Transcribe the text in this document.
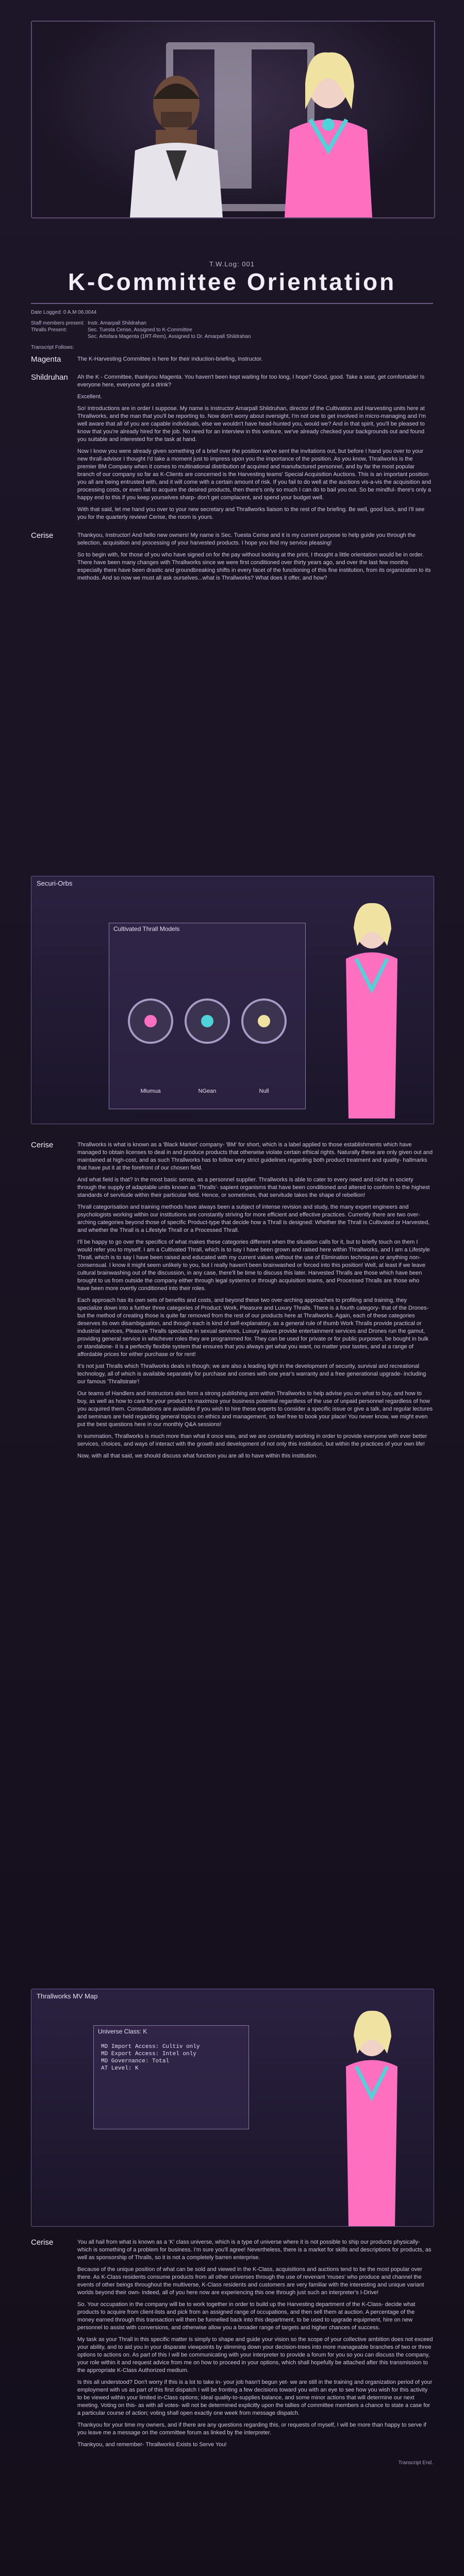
T.W.Log: 001
K-Committee Orientation
Date Logged: 0 A.M 06.0044
Staff members present: Instr. Amarpall Shildrahan
Thralls Present:	Sec. Tuesta Cerise, Assigned to K-Committee
Sec. Artofara Magenta (1RT-Rem), Assigned to Dr. Amarpall Shildrahan
Transcript Follows:
Magenta	The K-Harvesting Committee is here for their induction-briefing, Instructor.

Shildruhan	Ah the K - Committee, thankyou Magenta. You haven't been kept waiting for too long, I hope? Good, good. Take a seat, get comfortable! Is everyone here, everyone got a drink?

Excellent.

So! Introductions are in order I suppose. My name is Instructor Amarpall Shildruhan, director of the Cultivation and Harvesting units here at Thrallworks, and the man that you'll be reporting to. Now don't worry about oversight, I'm not one to get involved in micro-managing and I'm well aware that all of you are capable individuals, else we wouldn't have head-hunted you, would we? And in that spirit, you'll be pleased to know that you're already hired for the job. No need for an interview in this venture, we've already checked your backgrounds out and found you suitable and interested for the task at hand.

Now I know you were already given something of a brief over the position we've sent the invitations out, but before I hand you over to your new thrall-advisor I thought I'd take a moment just to impress upon you the importance of the position. As you know, Thrallworks is the premier BM Company when it comes to multinational distribution of acquired and manufactured personnel, and by far the most popular branch of our company so far as K-Clients are concerned is the Harvesting teams' Special Acquisition Auctions. This is an important position you all are being entrusted with, and it will come with a certain amount of risk. If you fail to do well at the auctions vis-a-vis the acquisition and processing costs, or even fail to acquire the desired products, then there's only so much I can do to bail you out. So be mindful- there's only a happy end to this if you keep yourselves sharp- don't get complacent, and spend your budget well.

With that said, let me hand you over to your new secretary and Thrallworks liaison to the rest of the briefing. Be well, good luck, and I'll see you for the quarterly review! Cerise, the room is yours.

Cerise	Thankyou, Instructor! And hello new owners! My name is Sec. Tuesta Cerise and it is my current purpose to help guide you through the selection, acquisition and processing of your harvested products. I hope you find my service pleasing!

So to begin with, for those of you who have signed on for the pay without looking at the print, I thought a little orientation would be in order. There have been many changes with Thrallworks since we were first conditioned over thirty years ago, and over the last few months especially there have been drastic and groundbreaking shifts in every facet of the functioning of this fine institution, from its organization to its methods. And so now we must all ask ourselves...what is Thrallworks? What does it offer, and how?

Securi-Orbs
Cultivated Thrall Models
Mlumua	NGean	Null
Cerise	Thrallworks is what is known as a 'Black Market' company- 'BM' for short, which is a label applied to those establishments which have managed to obtain licenses to deal in and produce products that otherwise violate certain ethical rights. Naturally these are only given out and maintained at high-cost, and as such Thrallworks has to follow very strict guidelines regarding both product treatment and quality- hallmarks that have put it at the forefront of our chosen field.

And what field is that? In the most basic sense, as a personnel supplier. Thrallworks is able to cater to every need and niche in society through the supply of adaptable units known as 'Thralls'- sapient organisms that have been conditioned and altered to conform to the highest standards of servitude within their particular field. Hence, or sometimes, that servitude takes the shape of rebellion!

Thrall categorisation and training methods have always been a subject of intense revision and study, the many expert engineers and psychologists working within our institutions are constantly striving for more efficient and effective practices. Currently there are two over-arching categories beyond those of specific Product-type that decide how a Thrall is designed: Whether the Thrall is Cultivated or Harvested, and whether the Thrall is a Lifestyle Thrall or a Processed Thrall.

I'll be happy to go over the specifics of what makes these categories different when the situation calls for it, but to briefly touch on them I would refer you to myself. I am a Cultivated Thrall, which is to say I have been grown and raised here within Thrallworks, and I am a Lifestyle Thrall, which is to say I have been raised and educated with my current values without the use of Elimination techniques or anything non-consensual. I know it might seem unlikely to you, but I really haven't been brainwashed or forced into this position! Well, at least if we leave cultural brainwashing out of the discussion, in any case, there'll be time to discuss this later. Harvested Thralls are those which have been brought to us from outside the company either through legal systems or through acquisition teams, and Processed Thralls are those who have been more overtly conditioned into their roles.

Each approach has its own sets of benefits and costs, and beyond these two over-arching approaches to profiling and training, they specialize down into a further three categories of Product: Work, Pleasure and Luxury Thralls. There is a fourth category- that of the Drones- but the method of creating those is quite far removed from the rest of our products here at Thrallworks. Again, each of these categories deserves its own disambiguation, and though each is kind of self-explanatory, as a general rule of thumb Work Thralls provide practical or industrial services, Pleasure Thralls specialize in sexual services, Luxury slaves provide entertainment services and Drones run the gamut, providing general service in whichever roles they are programmed for. They can be used for private or for public purposes, be bought in bulk or standalone- it is a perfectly flexible system that ensures that you always get what you want, no matter your tastes, and at a range of affordable prices for either purchase or for rent!

It's not just Thralls which Thrallworks deals in though; we are also a leading light in the development of security, survival and recreational technology, all of which is available separately for purchase and comes with one year's warranty and a free generational upgrade- including our famous 'Thrallstrate'!

Our teams of Handlers and Instructors also form a strong publishing arm within Thrallworks to help advise you on what to buy, and how to buy, as well as how to care for your product to maximize your business potential regardless of the use of unpaid personnel regardless of how you acquired them. Consultations are available if you wish to hire these experts to consider a specific issue or give a talk, and regular lectures and seminars are held regarding general topics on ethics and management, so feel free to book your place! You never know, we might even put the best questions here in our monthly Q&A sessions!

In summation, Thrallworks is much more than what it once was, and we are constantly working in order to provide everyone with ever better services, choices, and ways of interact with the growth and development of not only this institution, but within the practices of your own life!

Now, with all that said, we should discuss what function you are all to have within this institution.

Thrallworks MV Map
Universe Class: K
MD Import Access: Cultiv only
MD Export Access: Intel only
MD Governance: Total
AT Level: K
Cerise	You all hail from what is known as a 'K' class universe, which is a type of universe where it is not possible to ship our products physically- which is something of a problem for business. I'm sure you'll agree! Nevertheless, there is a market for skills and descriptions for products, as well as sponsorship of Thralls, so it is not a completely barren enterprise.

Because of the unique position of what can be sold and viewed in the K-Class, acquisitions and auctions tend to be the most popular over there. As K-Class residents consume products from all other universes through the use of revenant 'muses' who produce and channel the events of other beings throughout the multiverse, K-Class residents and customers are very familiar with the interesting and unique variant worlds beyond their own- indeed, all of you here now are experiencing this one through just such an interpreter's I-Drive!

So. Your occupation in the company will be to work together in order to build up the Harvesting department of the K-Class- decide what products to acquire from client-lists and pick from an assigned range of occupations, and then sell them at auction. A percentage of the money earned through this transaction will then be funnelled back into this department, to be used to upgrade equipment, hire on new personnel to assist with conversions, and otherwise allow you a broader range of targets and higher chances of success.

My task as your Thrall in this specific matter is simply to shape and guide your vision so the scope of your collective ambition does not exceed your ability, and to aid you in your disparate viewpoints by slimming down your decision-trees into more manageable branches of two or three options to actions on. As part of this I will be communicating with your interpreter to provide a forum for you so you can discuss the company, your role within it and request advice from me on how to proceed in your options, which shall hopefully be attached after this transmission to the appropriate K-Class Authorized medium.

Is this all understood? Don't worry if this is a lot to take in- your job hasn't begun yet- we are still in the training and organization period of your employment with us as part of this first dispatch I will be fronting a few decisions toward you with an eye to see how you wish for this activity to be viewed within your limited in-Class options; ideal quality-to-supplies balance, and some minor actions that will determine our next meeting. Voting on this- as with all votes- will not be determined explicitly upon the tallies of committee members a chance to state a case for a particular course of action; voting shall open exactly one week from message dispatch.

Thankyou for your time my owners, and if there are any questions regarding this, or requests of myself, I will be more than happy to serve if you leave me a message on the committee forum as linked by the interpreter.

Thankyou, and remember- Thrallworks Exists to Serve You!

Transcript End.
